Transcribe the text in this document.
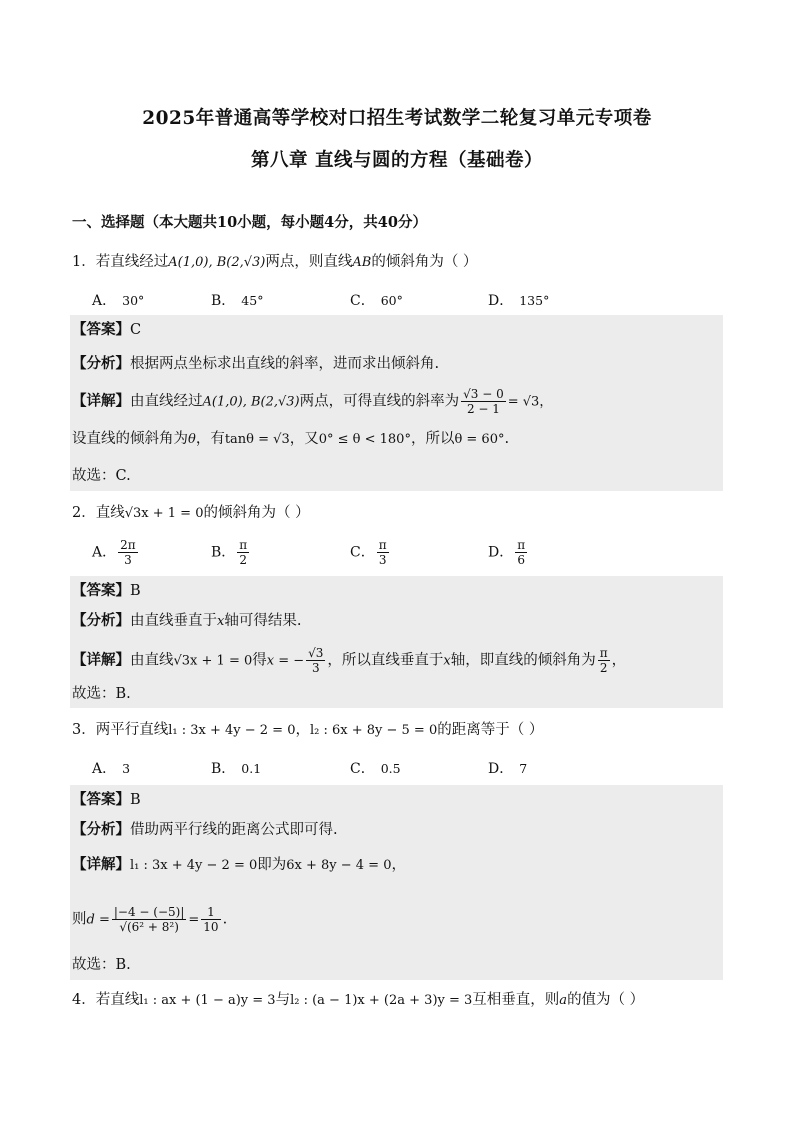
2025年普通高等学校对口招生考试数学二轮复习单元专项卷
第八章 直线与圆的方程（基础卷）
一、选择题（本大题共10小题，每小题4分，共40分）
1．若直线经过A(1,0), B(2,√3)两点，则直线AB的倾斜角为（ ）
A． 30°	B． 45°	C． 60°	D． 135°
【答案】C
【分析】根据两点坐标求出直线的斜率，进而求出倾斜角.
【详解】由直线经过A(1,0), B(2,√3)两点，可得直线的斜率为 $\frac{√3 - 0}{2 - 1} = √3$，
设直线的倾斜角为θ，有tanθ = √3，又0° ≤ θ < 180°，所以θ = 60°.
故选：C.
2．直线√3x + 1 = 0的倾斜角为（ ）
A． $\frac{2\pi}{3}$	B． $\frac{\pi}{2}$	C． $\frac{\pi}{3}$	D． $\frac{\pi}{6}$
【答案】B
【分析】由直线垂直于x轴可得结果.
【详解】由直线√3x + 1 = 0得x = − $\frac{√3}{3}$ ，所以直线垂直于x轴，即直线的倾斜角为 $\frac{\pi}{2}$ ，
故选：B.
3．两平行直线l₁ : 3x + 4y − 2 = 0，l₂ : 6x + 8y − 5 = 0的距离等于（ ）
A． 3	B． 0.1	C． 0.5	D． 7
【答案】B
【分析】借助两平行线的距离公式即可得.
【详解】l₁ : 3x + 4y − 2 = 0即为6x + 8y − 4 = 0，
则$d = \frac{|-4 - (-5)|}{\text{√(6² + 8²)}} = \frac{1}{10}$ .
故选：B.
4．若直线l₁ : ax + (1 − a)y = 3与l₂ : (a − 1)x + (2a + 3)y = 3互相垂直，则a的值为（ ）
